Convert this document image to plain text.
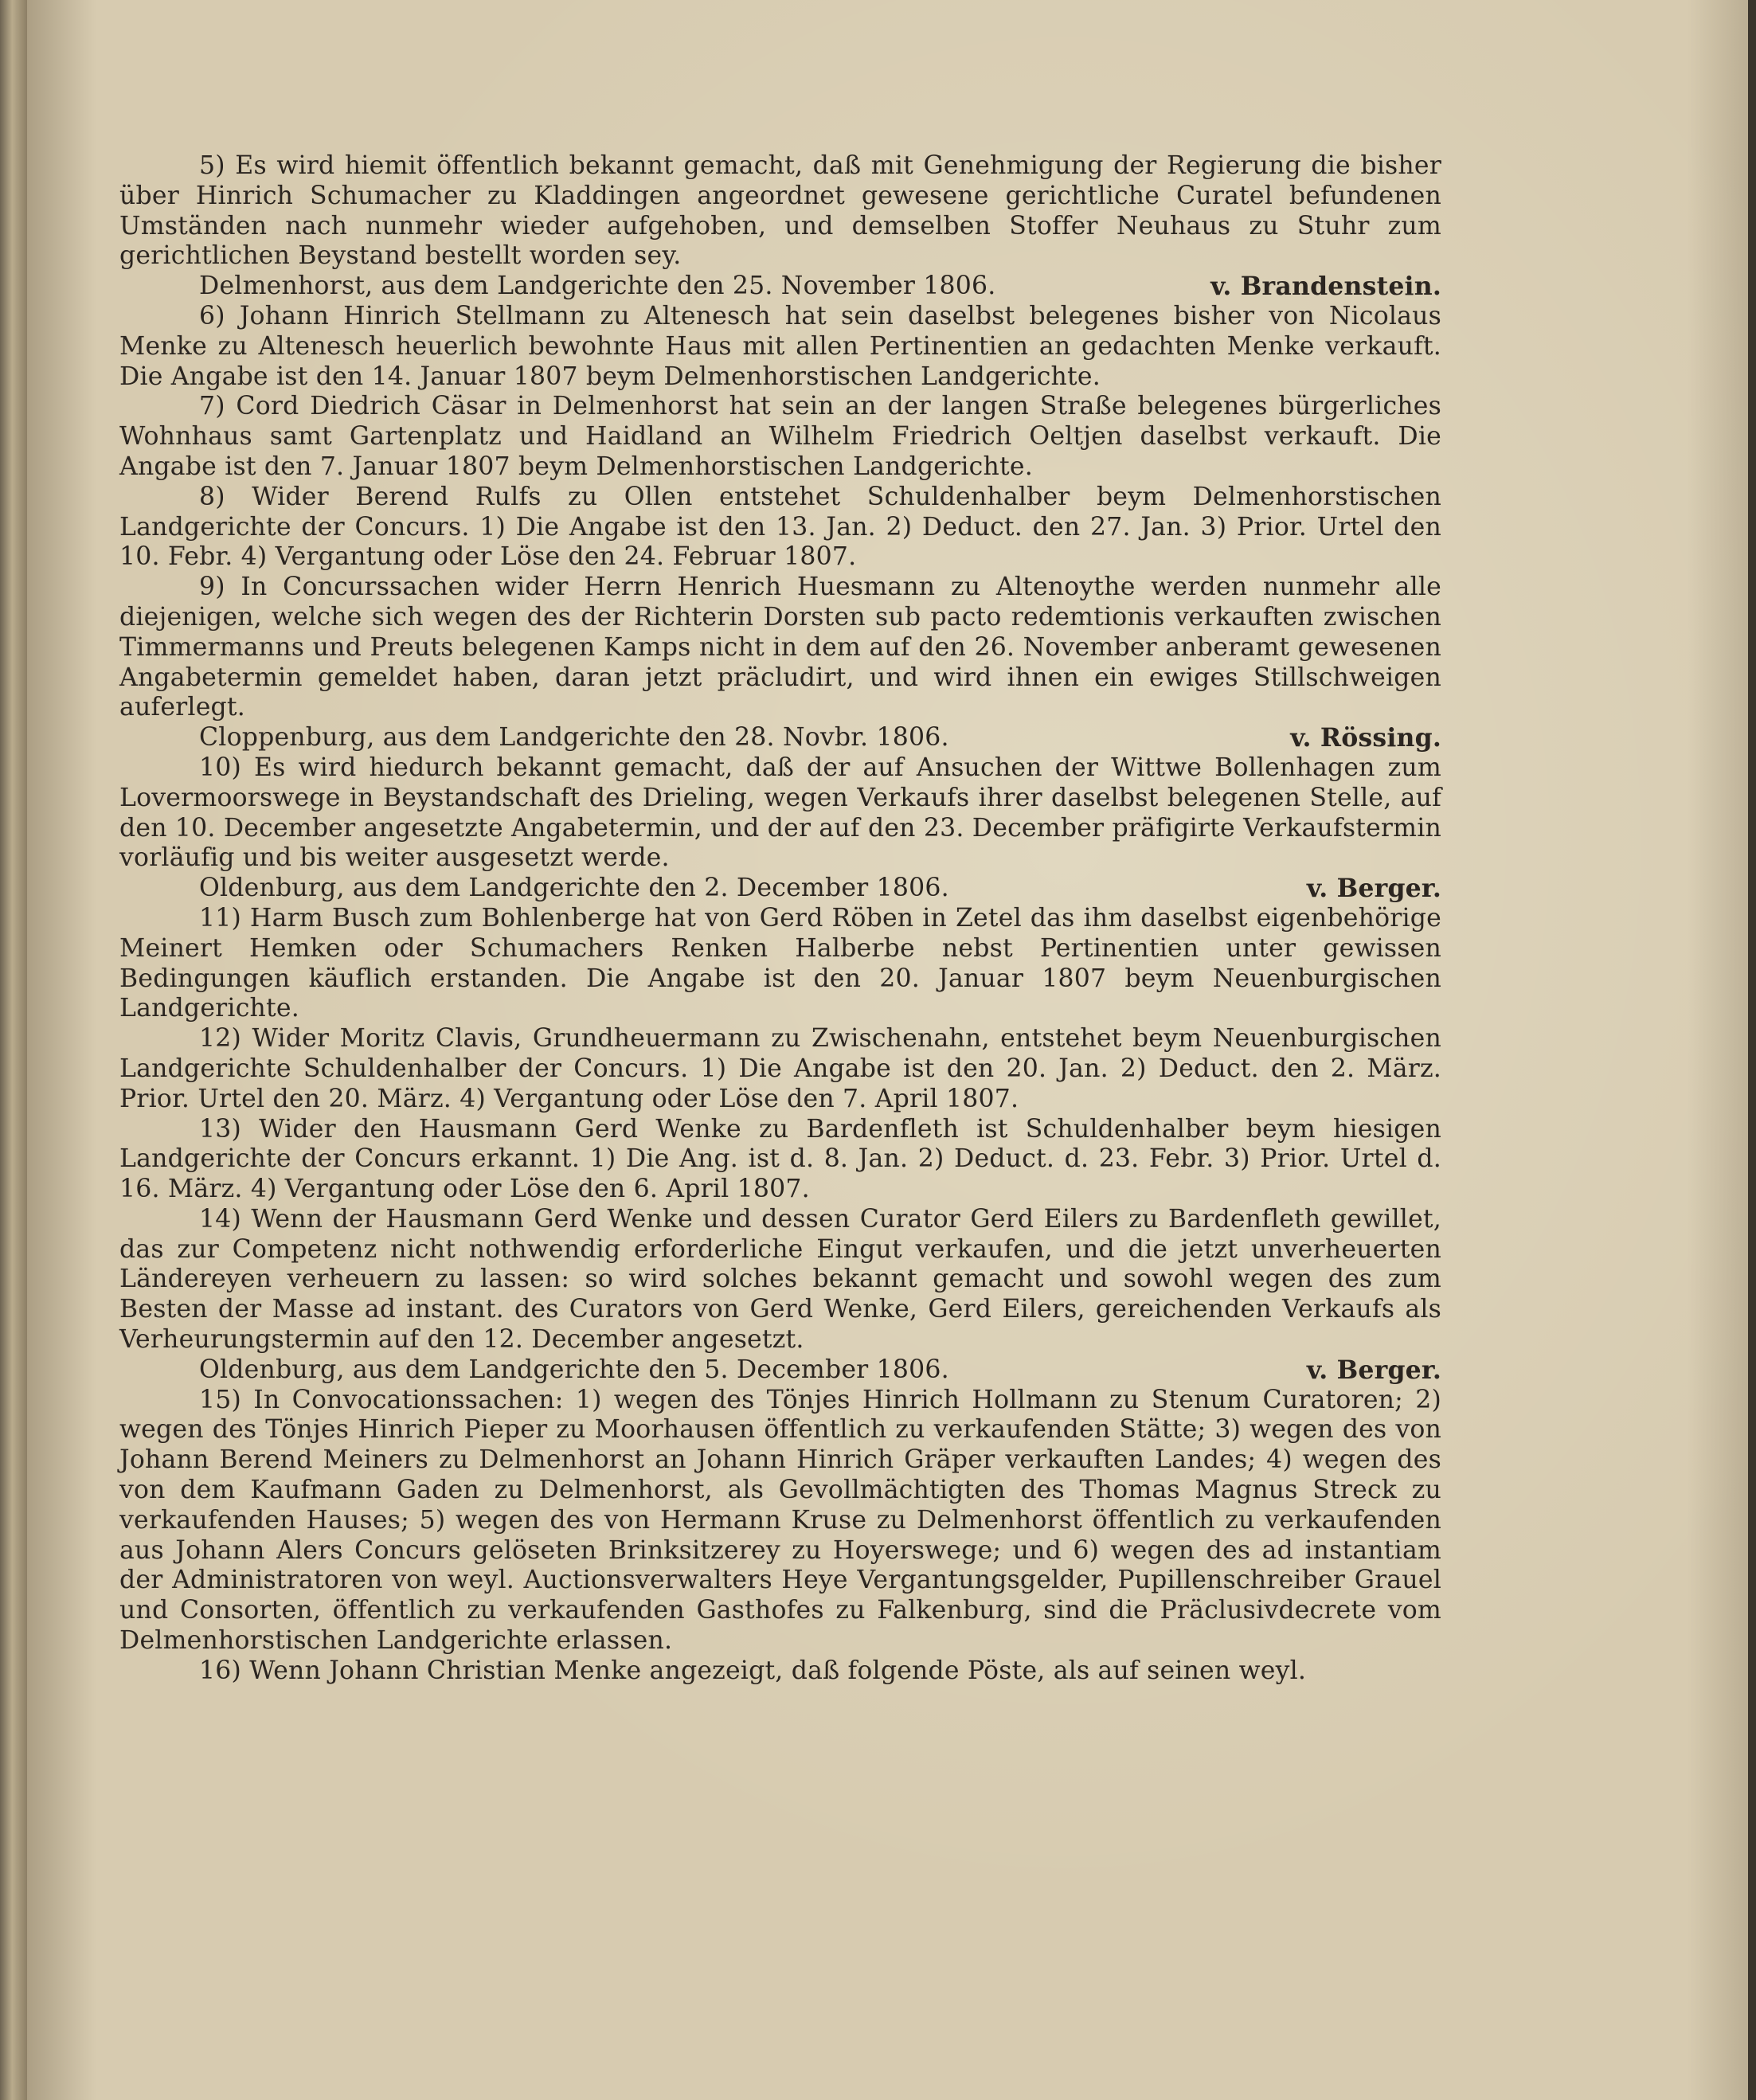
5) Es wird hiemit öffentlich bekannt gemacht, daß mit Genehmigung der Regierung die bisher über Hinrich Schumacher zu Kladdingen angeordnet gewesene gerichtliche Curatel befundenen Umständen nach nunmehr wieder aufgehoben, und demselben Stoffer Neuhaus zu Stuhr zum gerichtlichen Beystand bestellt worden sey.

Delmenhorst, aus dem Landgerichte den 25. November 1806.	v. Brandenstein.

6) Johann Hinrich Stellmann zu Altenesch hat sein daselbst belegenes bisher von Nicolaus Menke zu Altenesch heuerlich bewohnte Haus mit allen Pertinentien an gedachten Menke verkauft. Die Angabe ist den 14. Januar 1807 beym Delmenhorstischen Landgerichte.

7) Cord Diedrich Cäsar in Delmenhorst hat sein an der langen Straße belegenes bürgerliches Wohnhaus samt Gartenplatz und Haidland an Wilhelm Friedrich Oeltjen daselbst verkauft. Die Angabe ist den 7. Januar 1807 beym Delmenhorstischen Landgerichte.

8) Wider Berend Rulfs zu Ollen entstehet Schuldenhalber beym Delmenhorstischen Landgerichte der Concurs. 1) Die Angabe ist den 13. Jan. 2) Deduct. den 27. Jan. 3) Prior. Urtel den 10. Febr. 4) Vergantung oder Löse den 24. Februar 1807.

9) In Concurssachen wider Herrn Henrich Huesmann zu Altenoythe werden nunmehr alle diejenigen, welche sich wegen des der Richterin Dorsten sub pacto redemtionis verkauften zwischen Timmermanns und Preuts belegenen Kamps nicht in dem auf den 26. November anberamt gewesenen Angabetermin gemeldet haben, daran jetzt präcludirt, und wird ihnen ein ewiges Stillschweigen auferlegt.

Cloppenburg, aus dem Landgerichte den 28. Novbr. 1806.	v. Rössing.

10) Es wird hiedurch bekannt gemacht, daß der auf Ansuchen der Wittwe Bollenhagen zum Lovermoorswege in Beystandschaft des Drieling, wegen Verkaufs ihrer daselbst belegenen Stelle, auf den 10. December angesetzte Angabetermin, und der auf den 23. December präfigirte Verkaufstermin vorläufig und bis weiter ausgesetzt werde.

Oldenburg, aus dem Landgerichte den 2. December 1806.	v. Berger.

11) Harm Busch zum Bohlenberge hat von Gerd Röben in Zetel das ihm daselbst eigenbehörige Meinert Hemken oder Schumachers Renken Halberbe nebst Pertinentien unter gewissen Bedingungen käuflich erstanden. Die Angabe ist den 20. Januar 1807 beym Neuenburgischen Landgerichte.

12) Wider Moritz Clavis, Grundheuermann zu Zwischenahn, entstehet beym Neuenburgischen Landgerichte Schuldenhalber der Concurs. 1) Die Angabe ist den 20. Jan. 2) Deduct. den 2. März. Prior. Urtel den 20. März. 4) Vergantung oder Löse den 7. April 1807.

13) Wider den Hausmann Gerd Wenke zu Bardenfleth ist Schuldenhalber beym hiesigen Landgerichte der Concurs erkannt. 1) Die Ang. ist d. 8. Jan. 2) Deduct. d. 23. Febr. 3) Prior. Urtel d. 16. März. 4) Vergantung oder Löse den 6. April 1807.

14) Wenn der Hausmann Gerd Wenke und dessen Curator Gerd Eilers zu Bardenfleth gewillet, das zur Competenz nicht nothwendig erforderliche Eingut verkaufen, und die jetzt unverheuerten Ländereyen verheuern zu lassen: so wird solches bekannt gemacht und sowohl wegen des zum Besten der Masse ad instant. des Curators von Gerd Wenke, Gerd Eilers, gereichenden Verkaufs als Verheurungstermin auf den 12. December angesetzt.

Oldenburg, aus dem Landgerichte den 5. December 1806.	v. Berger.

15) In Convocationssachen: 1) wegen des Tönjes Hinrich Hollmann zu Stenum Curatoren; 2) wegen des Tönjes Hinrich Pieper zu Moorhausen öffentlich zu verkaufenden Stätte; 3) wegen des von Johann Berend Meiners zu Delmenhorst an Johann Hinrich Gräper verkauften Landes; 4) wegen des von dem Kaufmann Gaden zu Delmenhorst, als Gevollmächtigten des Thomas Magnus Streck zu verkaufenden Hauses; 5) wegen des von Hermann Kruse zu Delmenhorst öffentlich zu verkaufenden aus Johann Alers Concurs gelöseten Brinksitzerey zu Hoyerswege; und 6) wegen des ad instantiam der Administratoren von weyl. Auctionsverwalters Heye Vergantungsgelder, Pupillenschreiber Grauel und Consorten, öffentlich zu verkaufenden Gasthofes zu Falkenburg, sind die Präclusivdecrete vom Delmenhorstischen Landgerichte erlassen.

16) Wenn Johann Christian Menke angezeigt, daß folgende Pöste, als auf seinen weyl.
